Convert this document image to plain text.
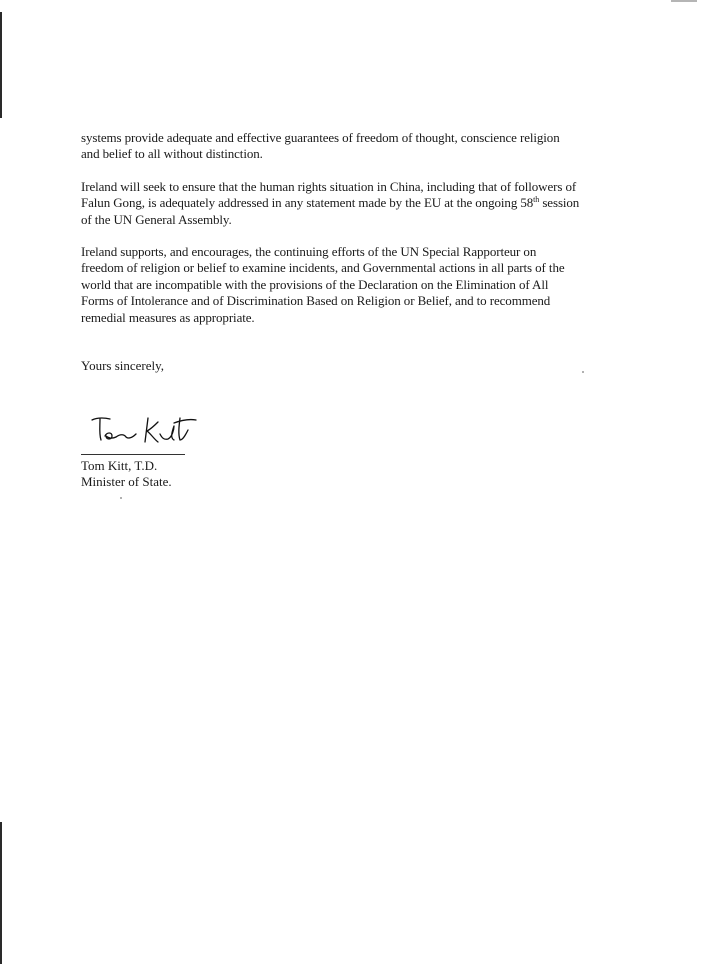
systems provide adequate and effective guarantees of freedom of thought, conscience religion
and belief to all without distinction.

Ireland will seek to ensure that the human rights situation in China, including that of followers of
Falun Gong, is adequately addressed in any statement made by the EU at the ongoing 58th session
of the UN General Assembly.

Ireland supports, and encourages, the continuing efforts of the UN Special Rapporteur on
freedom of religion or belief to examine incidents, and Governmental actions in all parts of the
world that are incompatible with the provisions of the Declaration on the Elimination of All
Forms of Intolerance and of Discrimination Based on Religion or Belief, and to recommend
remedial measures as appropriate.

Yours sincerely,
Tom Kitt, T.D.
Minister of State.
